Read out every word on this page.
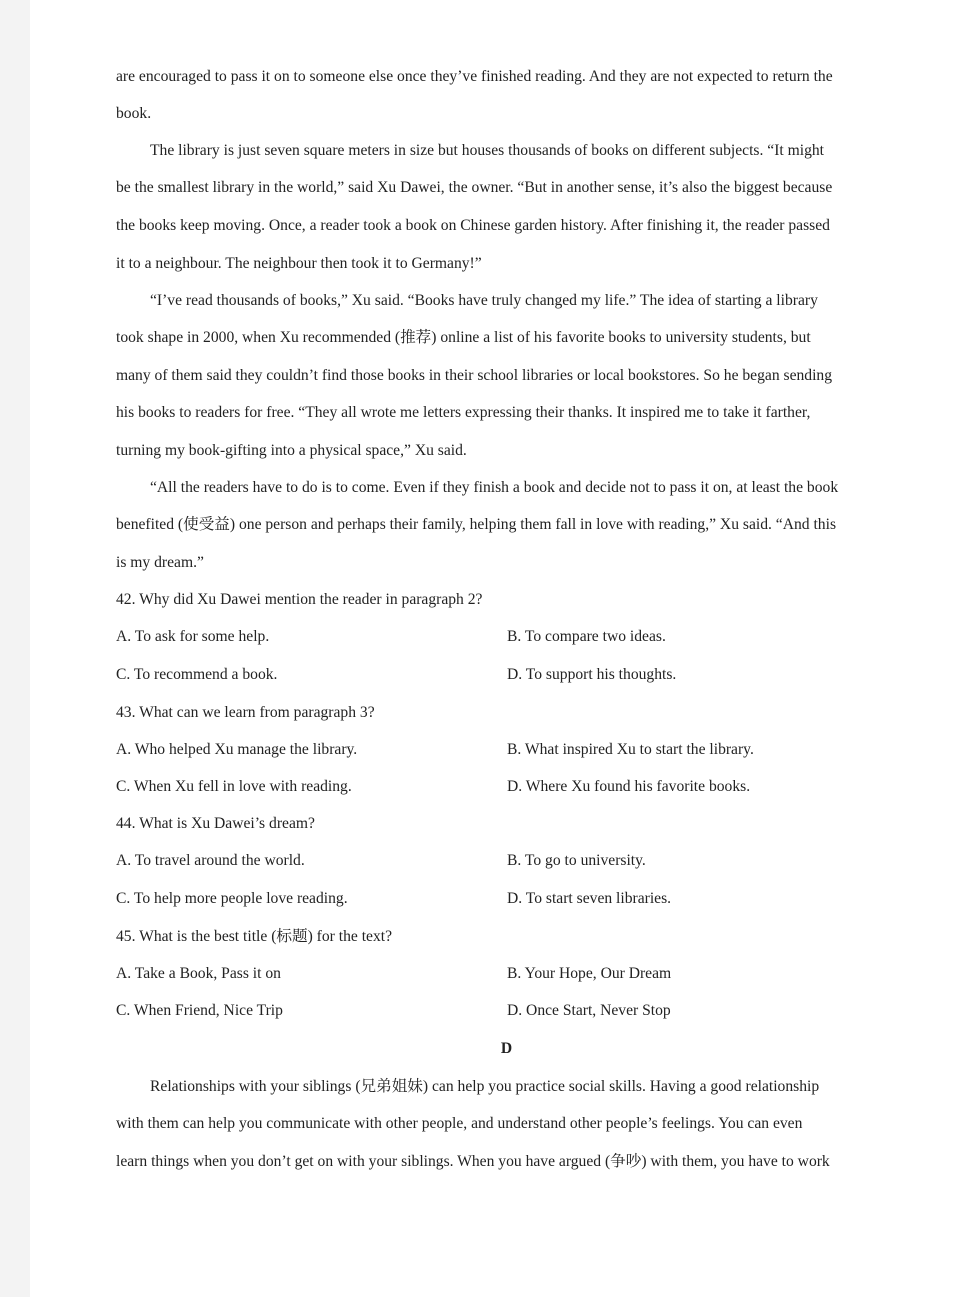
are encouraged to pass it on to someone else once they’ve finished reading. And they are not expected to return the
book.
The library is just seven square meters in size but houses thousands of books on different subjects. “It might
be the smallest library in the world,” said Xu Dawei, the owner. “But in another sense, it’s also the biggest because
the books keep moving. Once, a reader took a book on Chinese garden history. After finishing it, the reader passed
it to a neighbour. The neighbour then took it to Germany!”
“I’ve read thousands of books,” Xu said. “Books have truly changed my life.” The idea of starting a library
took shape in 2000, when Xu recommended (推荐) online a list of his favorite books to university students, but
many of them said they couldn’t find those books in their school libraries or local bookstores. So he began sending
his books to readers for free. “They all wrote me letters expressing their thanks. It inspired me to take it farther,
turning my book-gifting into a physical space,” Xu said.
“All the readers have to do is to come. Even if they finish a book and decide not to pass it on, at least the book
benefited (使受益) one person and perhaps their family, helping them fall in love with reading,” Xu said. “And this
is my dream.”
42. Why did Xu Dawei mention the reader in paragraph 2?
A. To ask for some help.	B. To compare two ideas.
C. To recommend a book.	D. To support his thoughts.
43. What can we learn from paragraph 3?
A. Who helped Xu manage the library.	B. What inspired Xu to start the library.
C. When Xu fell in love with reading.	D. Where Xu found his favorite books.
44. What is Xu Dawei’s dream?
A. To travel around the world.	B. To go to university.
C. To help more people love reading.	D. To start seven libraries.
45. What is the best title (标题) for the text?
A. Take a Book, Pass it on	B. Your Hope, Our Dream
C. When Friend, Nice Trip	D. Once Start, Never Stop
D
Relationships with your siblings (兄弟姐妹) can help you practice social skills. Having a good relationship
with them can help you communicate with other people, and understand other people’s feelings. You can even
learn things when you don’t get on with your siblings. When you have argued (争吵) with them, you have to work
